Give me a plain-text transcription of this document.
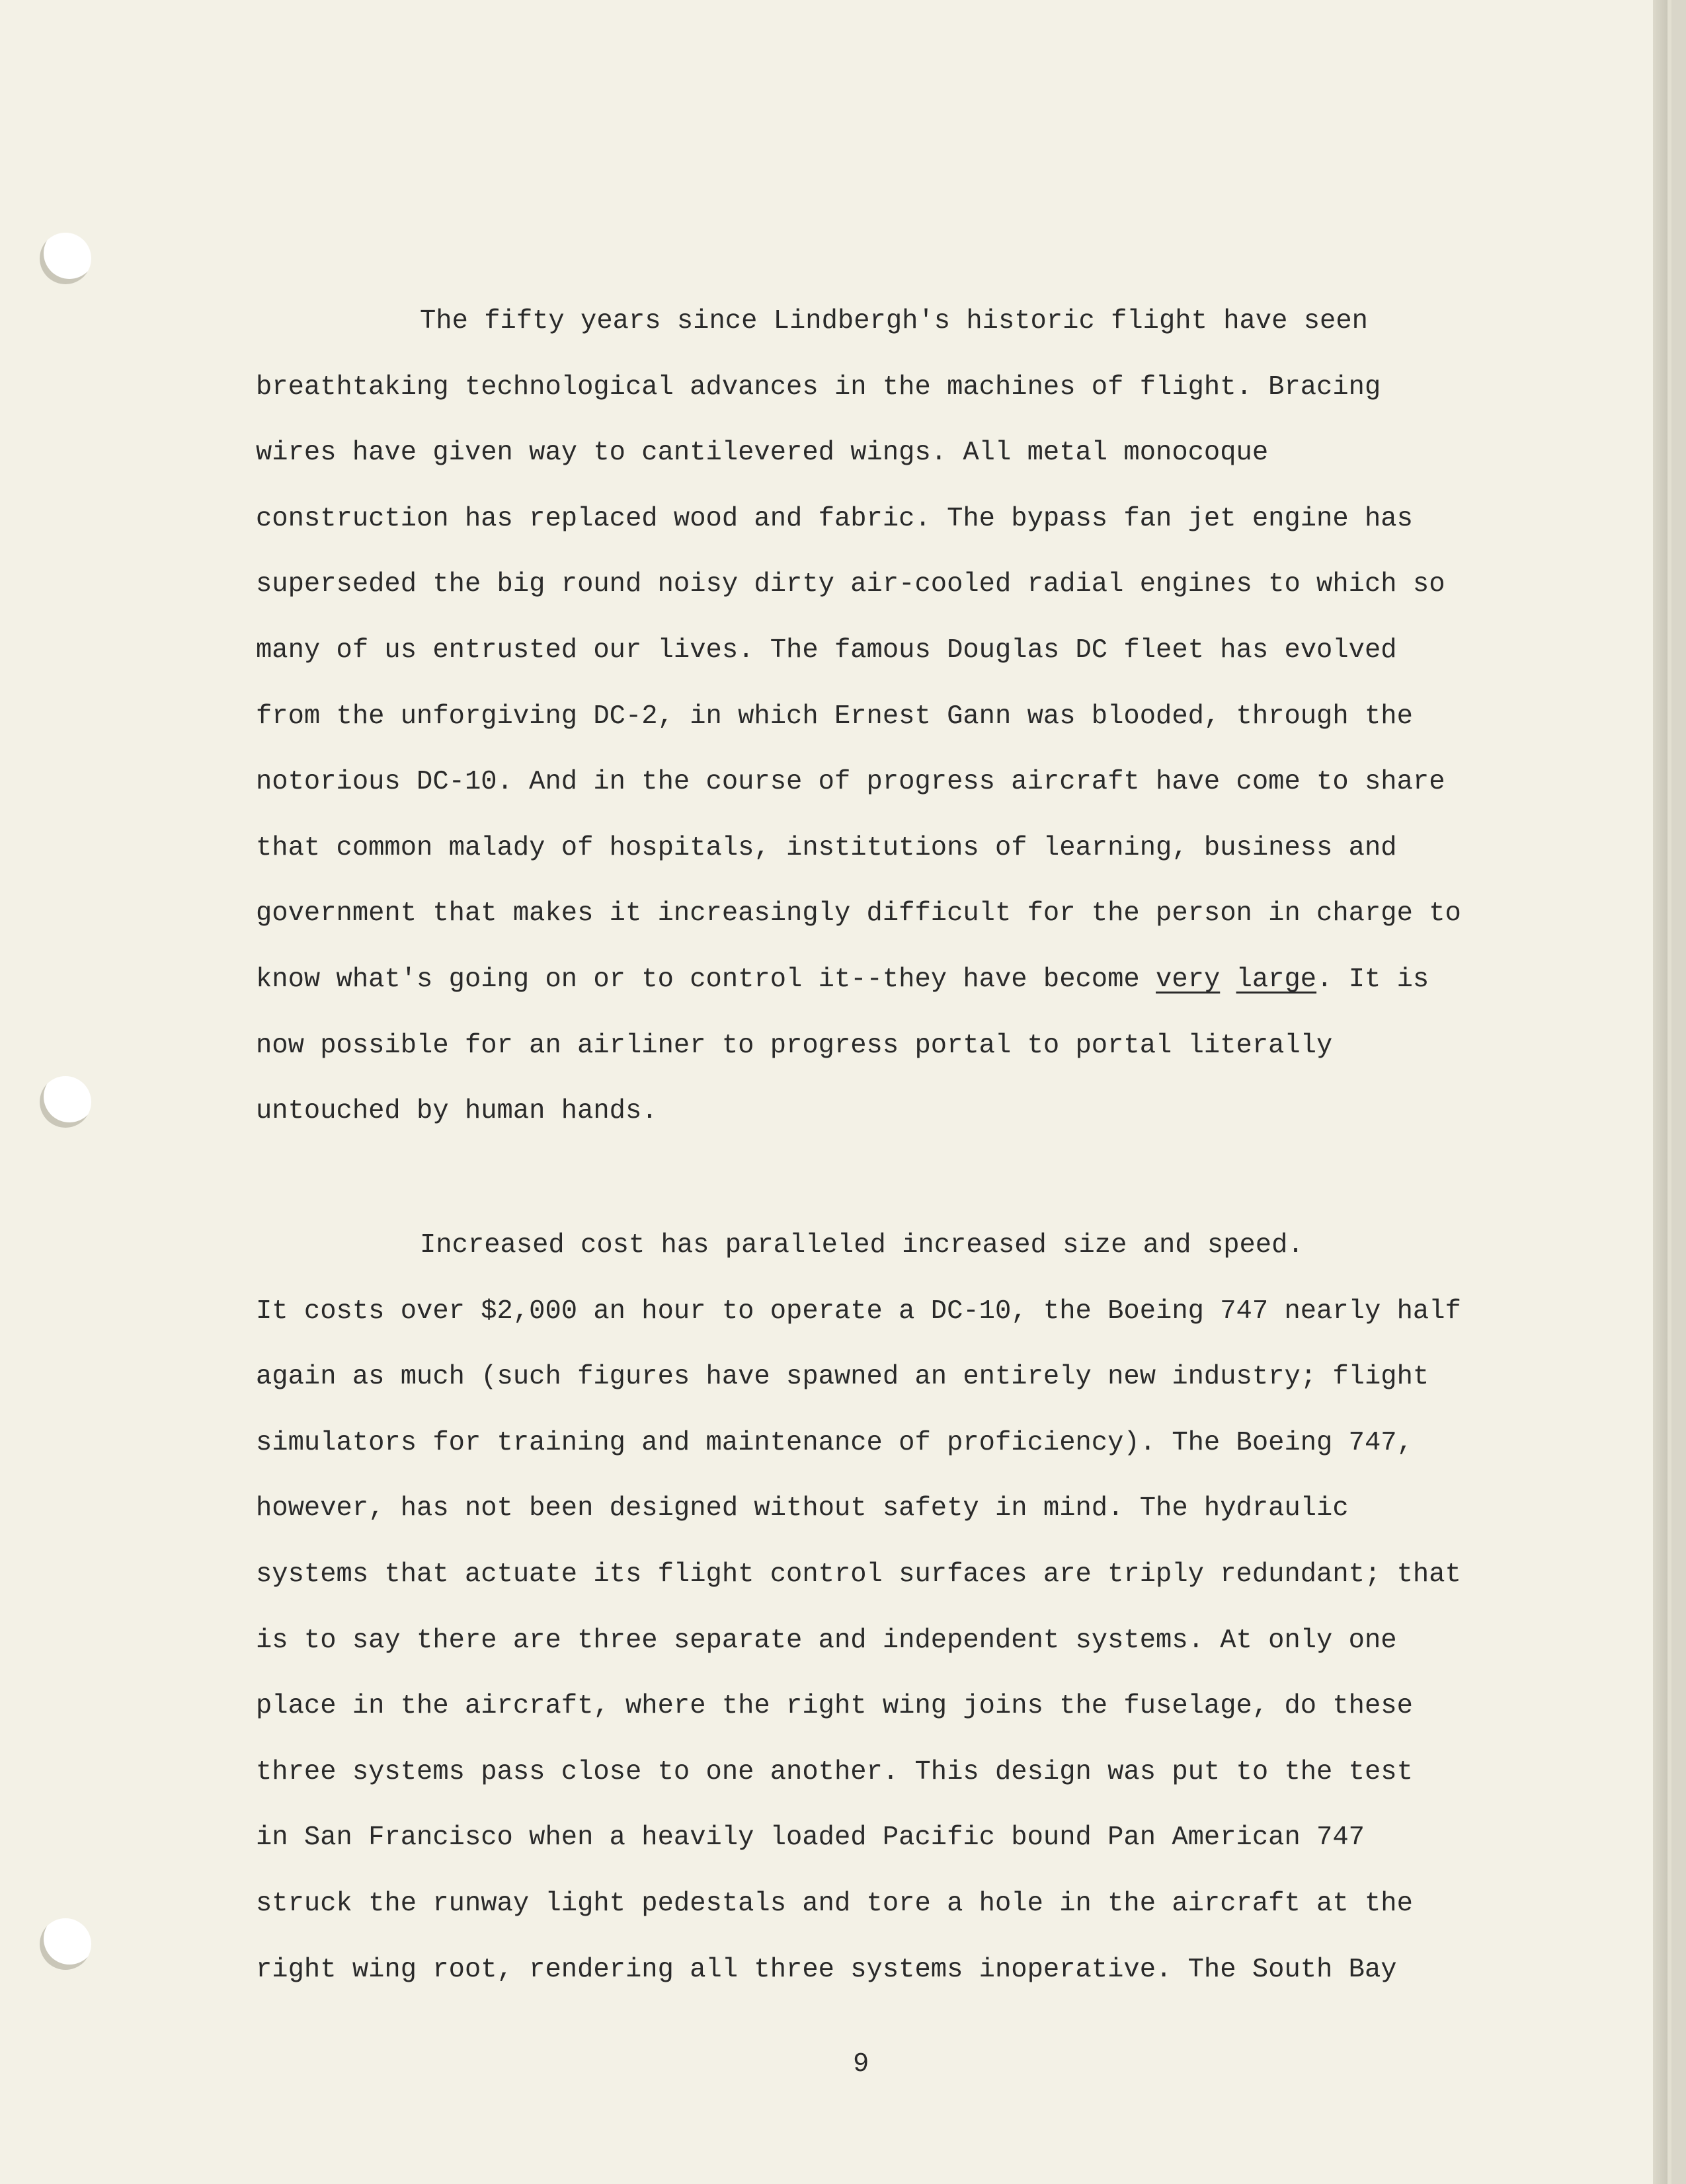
The fifty years since Lindbergh's historic flight have seen
breathtaking technological advances in the machines of flight. Bracing
wires have given way to cantilevered wings. All metal monocoque
construction has replaced wood and fabric. The bypass fan jet engine has
superseded the big round noisy dirty air-cooled radial engines to which so
many of us entrusted our lives. The famous Douglas DC fleet has evolved
from the unforgiving DC-2, in which Ernest Gann was blooded, through the
notorious DC-10. And in the course of progress aircraft have come to share
that common malady of hospitals, institutions of learning, business and
government that makes it increasingly difficult for the person in charge to
know what's going on or to control it--they have become very large. It is
now possible for an airliner to progress portal to portal literally
untouched by human hands.
Increased cost has paralleled increased size and speed.
It costs over $2,000 an hour to operate a DC-10, the Boeing 747 nearly half
again as much (such figures have spawned an entirely new industry; flight
simulators for training and maintenance of proficiency). The Boeing 747,
however, has not been designed without safety in mind. The hydraulic
systems that actuate its flight control surfaces are triply redundant; that
is to say there are three separate and independent systems. At only one
place in the aircraft, where the right wing joins the fuselage, do these
three systems pass close to one another. This design was put to the test
in San Francisco when a heavily loaded Pacific bound Pan American 747
struck the runway light pedestals and tore a hole in the aircraft at the
right wing root, rendering all three systems inoperative. The South Bay
9
